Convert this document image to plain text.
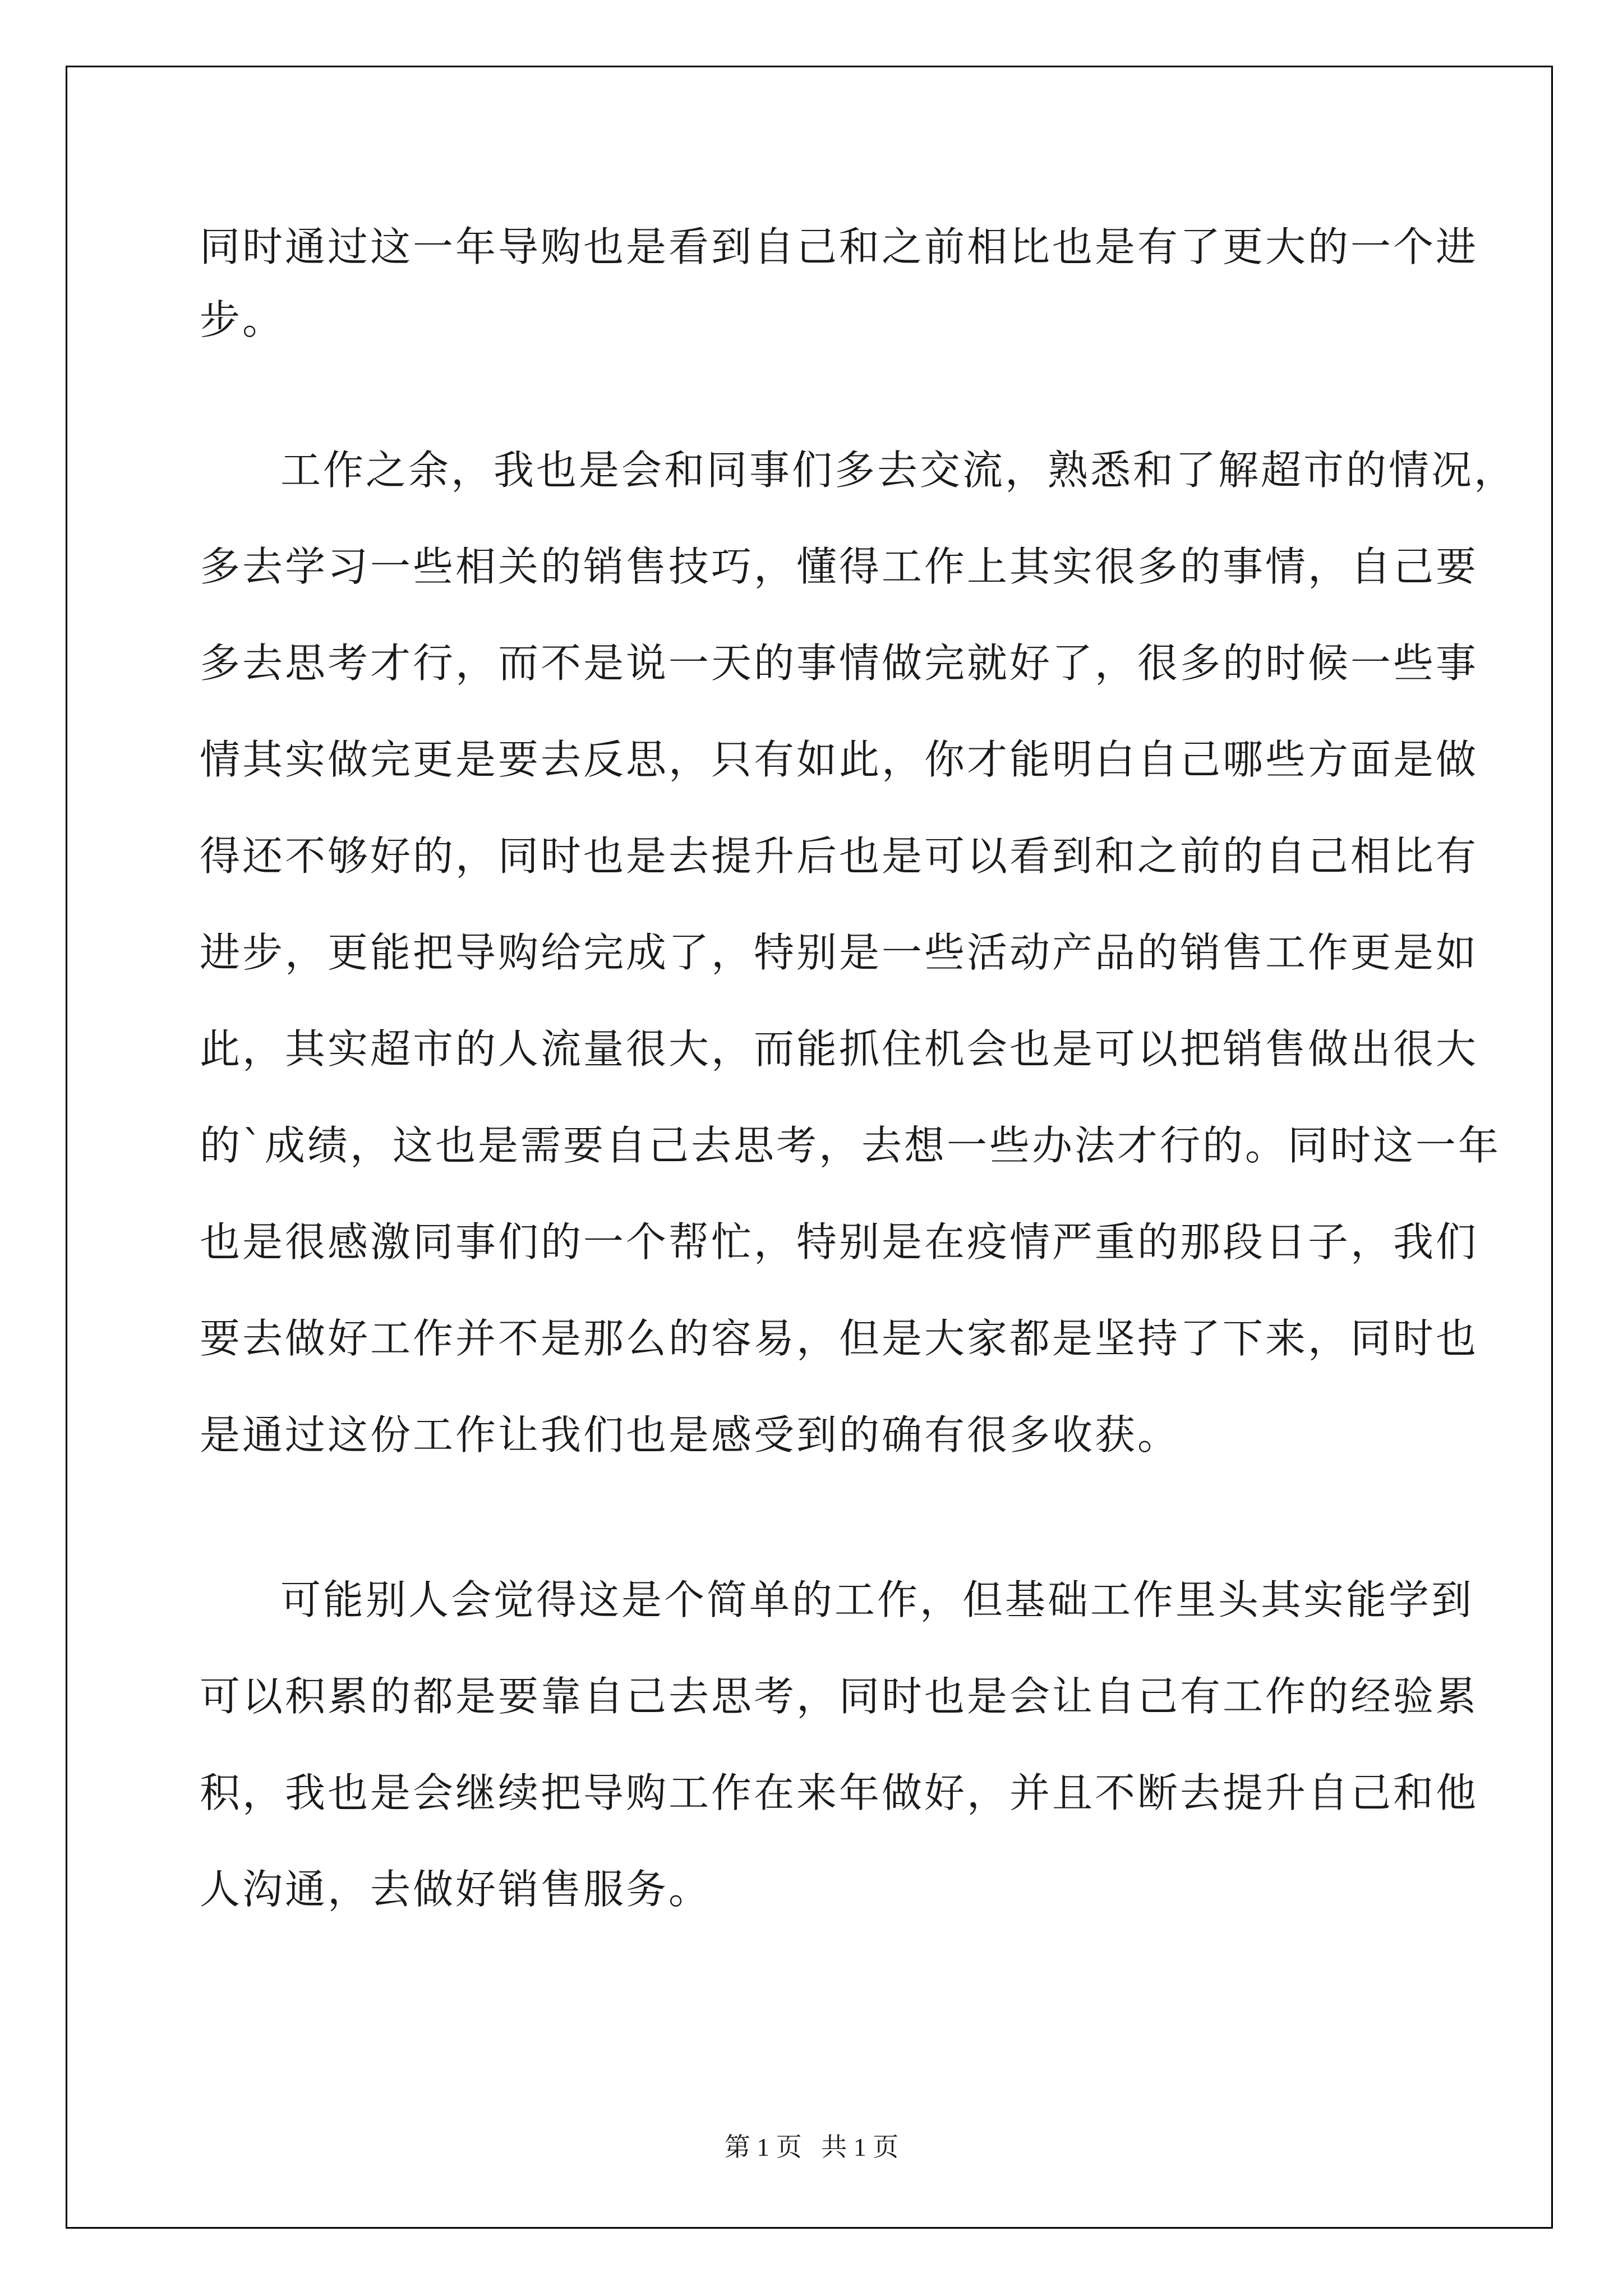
同时通过这一年导购也是看到自己和之前相比也是有了更大的一个进

步。

工作之余，我也是会和同事们多去交流，熟悉和了解超市的情况，

多去学习一些相关的销售技巧，懂得工作上其实很多的事情，自己要

多去思考才行，而不是说一天的事情做完就好了，很多的时候一些事

情其实做完更是要去反思，只有如此，你才能明白自己哪些方面是做

得还不够好的，同时也是去提升后也是可以看到和之前的自己相比有

进步，更能把导购给完成了，特别是一些活动产品的销售工作更是如

此，其实超市的人流量很大，而能抓住机会也是可以把销售做出很大

的`成绩，这也是需要自己去思考，去想一些办法才行的。同时这一年

也是很感激同事们的一个帮忙，特别是在疫情严重的那段日子，我们

要去做好工作并不是那么的容易，但是大家都是坚持了下来，同时也

是通过这份工作让我们也是感受到的确有很多收获。

可能别人会觉得这是个简单的工作，但基础工作里头其实能学到

可以积累的都是要靠自己去思考，同时也是会让自己有工作的经验累

积，我也是会继续把导购工作在来年做好，并且不断去提升自己和他

人沟通，去做好销售服务。

第 1 页   共 1 页
